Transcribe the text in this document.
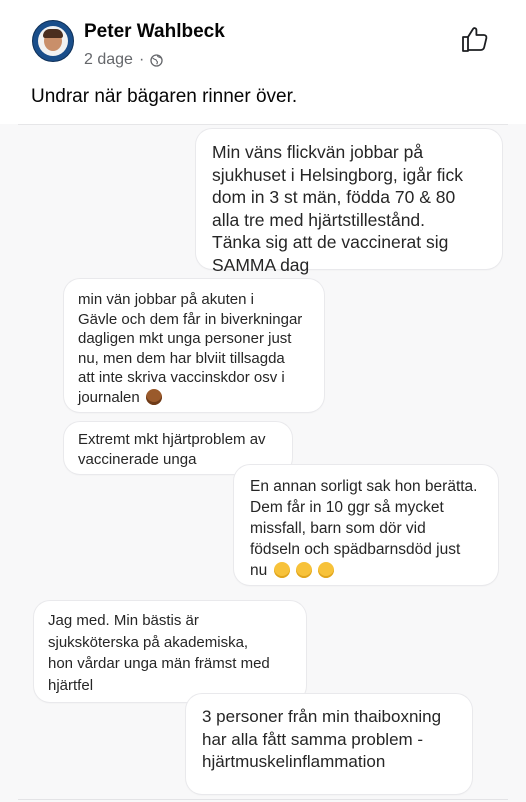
Peter Wahlbeck
2 dage ·
Undrar när bägaren rinner över.
Min väns flickvän jobbar på
sjukhuset i Helsingborg, igår fick
dom in 3 st män, födda 70 & 80
alla tre med hjärtstillestånd.
Tänka sig att de vaccinerat sig
SAMMA dag
min vän jobbar på akuten i
Gävle och dem får in biverkningar
dagligen mkt unga personer just
nu, men dem har blviit tillsagda
att inte skriva vaccinskdor osv i
journalen
Extremt mkt hjärtproblem av
vaccinerade unga
En annan sorligt sak hon berätta.
Dem får in 10 ggr så mycket
missfall, barn som dör vid
födseln och spädbarnsdöd just
nu
Jag med. Min bästis är
sjuksköterska på akademiska,
hon vårdar unga män främst med
hjärtfel
3 personer från min thaiboxning
har alla fått samma problem -
hjärtmuskelinflammation
